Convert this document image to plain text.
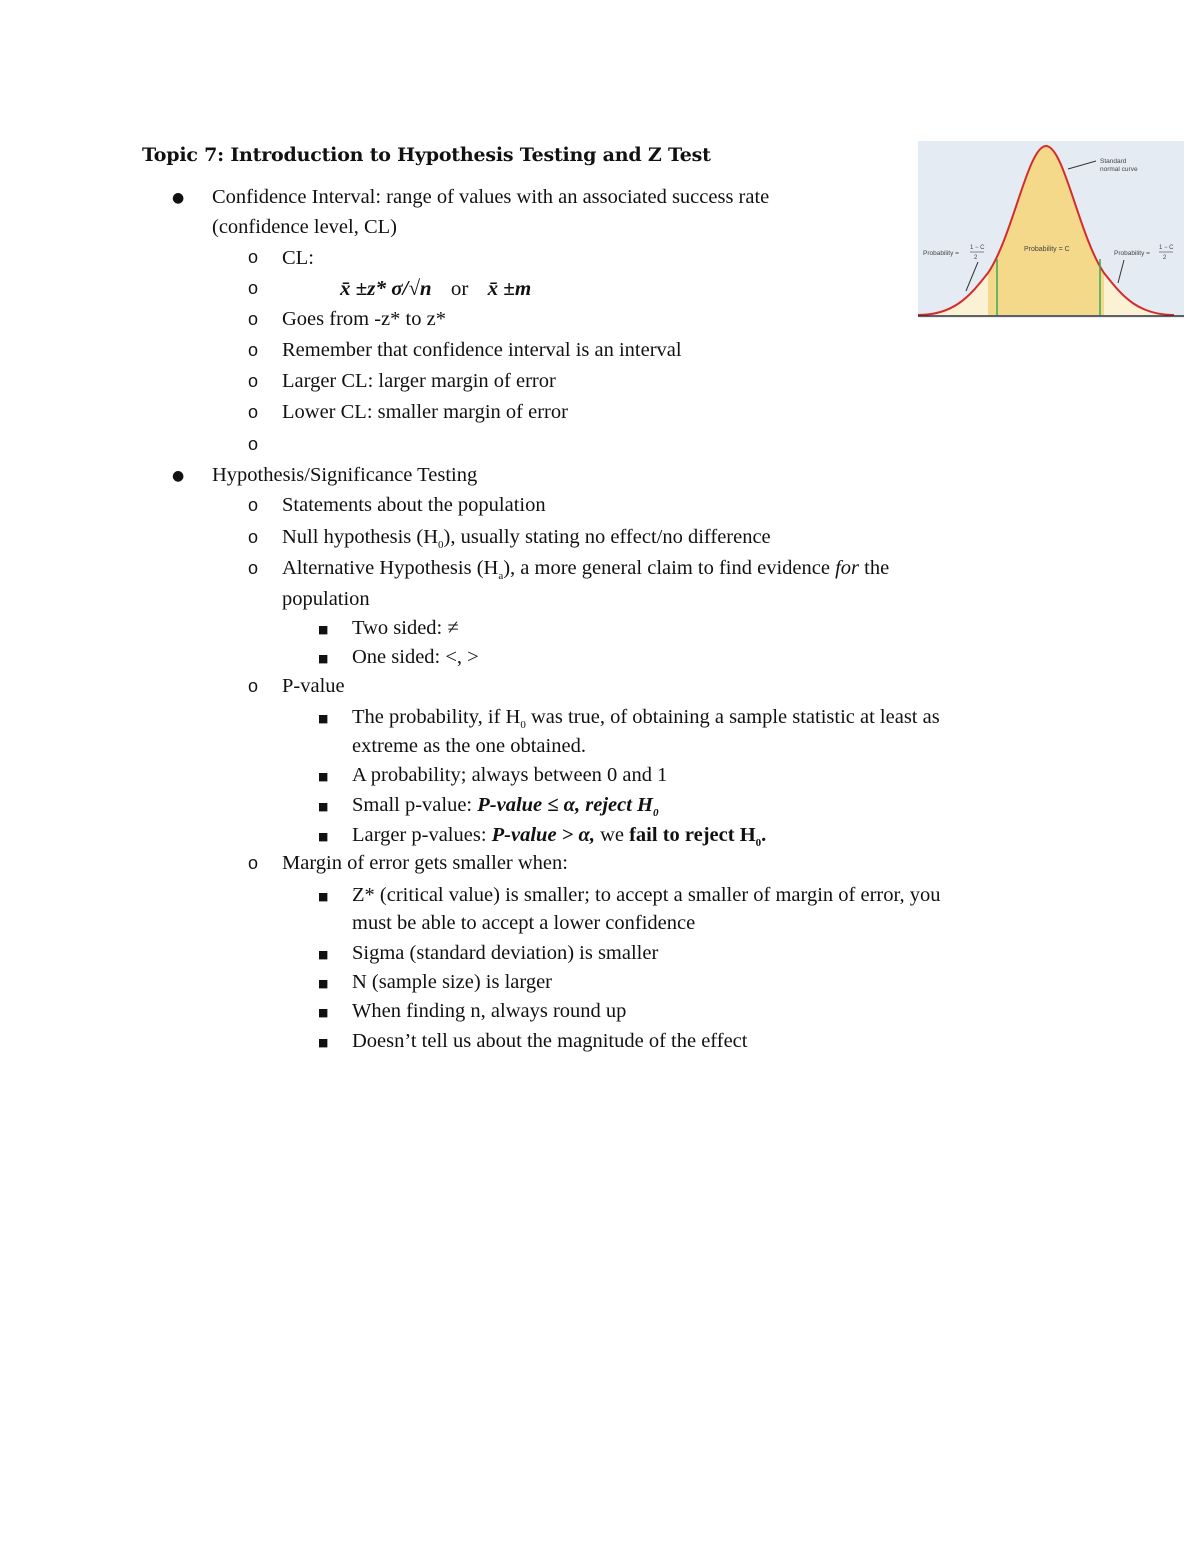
Topic 7: Introduction to Hypothesis Testing and Z Test
● Confidence Interval: range of values with an associated success rate
(confidence level, CL)
o CL:
o	x̄ ±z* σ/√n or x̄ ±m
o Goes from -z* to z*
o Remember that confidence interval is an interval
o Larger CL: larger margin of error
o Lower CL: smaller margin of error
o
● Hypothesis/Significance Testing
o Statements about the population
o Null hypothesis $(H_0)$, usually stating no effect/no difference
o Alternative Hypothesis $(H_a)$, a more general claim to find evidence for the
population
■ Two sided: ≠
■ One sided: <, >
o P-value
■ The probability, if $H_0$ was true, of obtaining a sample statistic at least as
extreme as the one obtained.
■ A probability; always between 0 and 1
■ Small p-value: P-value ≤ α, reject $H_0$
■ Larger p-values: P-value > α, we fail to reject $H_0$.
o Margin of error gets smaller when:
■ Z* (critical value) is smaller; to accept a smaller of margin of error, you
must be able to accept a lower confidence
■ Sigma (standard deviation) is smaller
■ N (sample size) is larger
■ When finding n, always round up
■ Doesn’t tell us about the magnitude of the effect
Standard
normal curve
Probability = C
Probability =
1 − C
2
Probability =
1 − C
2
